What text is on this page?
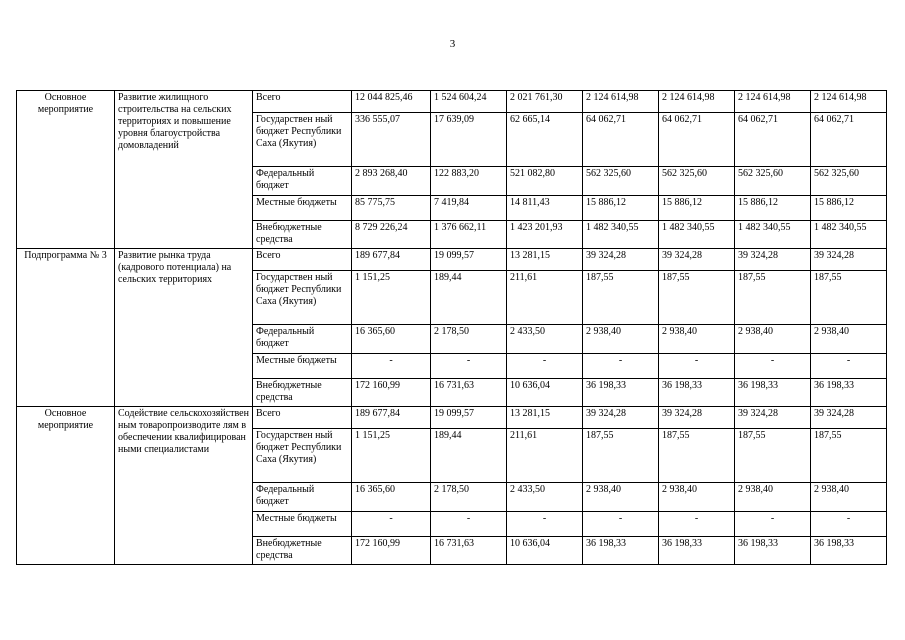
3
Основное мероприятие	Развитие жилищного строительства на сельских территориях и повышение уровня благоустройства домовладений	Всего	12 044 825,46	1 524 604,24	2 021 761,30	2 124 614,98	2 124 614,98	2 124 614,98	2 124 614,98
		Государствен ный бюджет Республики Саха (Якутия)	336 555,07	17 639,09	62 665,14	64 062,71	64 062,71	64 062,71	64 062,71
		Федеральный бюджет	2 893 268,40	122 883,20	521 082,80	562 325,60	562 325,60	562 325,60	562 325,60
		Местные бюджеты	85 775,75	7 419,84	14 811,43	15 886,12	15 886,12	15 886,12	15 886,12
		Внебюджетные средства	8 729 226,24	1 376 662,11	1 423 201,93	1 482 340,55	1 482 340,55	1 482 340,55	1 482 340,55
Подпрограмма № 3	Развитие рынка труда (кадрового потенциала) на сельских территориях	Всего	189 677,84	19 099,57	13 281,15	39 324,28	39 324,28	39 324,28	39 324,28
		Государствен ный бюджет Республики Саха (Якутия)	1 151,25	189,44	211,61	187,55	187,55	187,55	187,55
		Федеральный бюджет	16 365,60	2 178,50	2 433,50	2 938,40	2 938,40	2 938,40	2 938,40
		Местные бюджеты	-	-	-	-	-	-	-
		Внебюджетные средства	172 160,99	16 731,63	10 636,04	36 198,33	36 198,33	36 198,33	36 198,33
Основное мероприятие	Содействие сельскохозяйствен ным товаропроизводите лям в обеспечении квалифицирован ными специалистами	Всего	189 677,84	19 099,57	13 281,15	39 324,28	39 324,28	39 324,28	39 324,28
		Государствен ный бюджет Республики Саха (Якутия)	1 151,25	189,44	211,61	187,55	187,55	187,55	187,55
		Федеральный бюджет	16 365,60	2 178,50	2 433,50	2 938,40	2 938,40	2 938,40	2 938,40
		Местные бюджеты	-	-	-	-	-	-	-
		Внебюджетные средства	172 160,99	16 731,63	10 636,04	36 198,33	36 198,33	36 198,33	36 198,33
